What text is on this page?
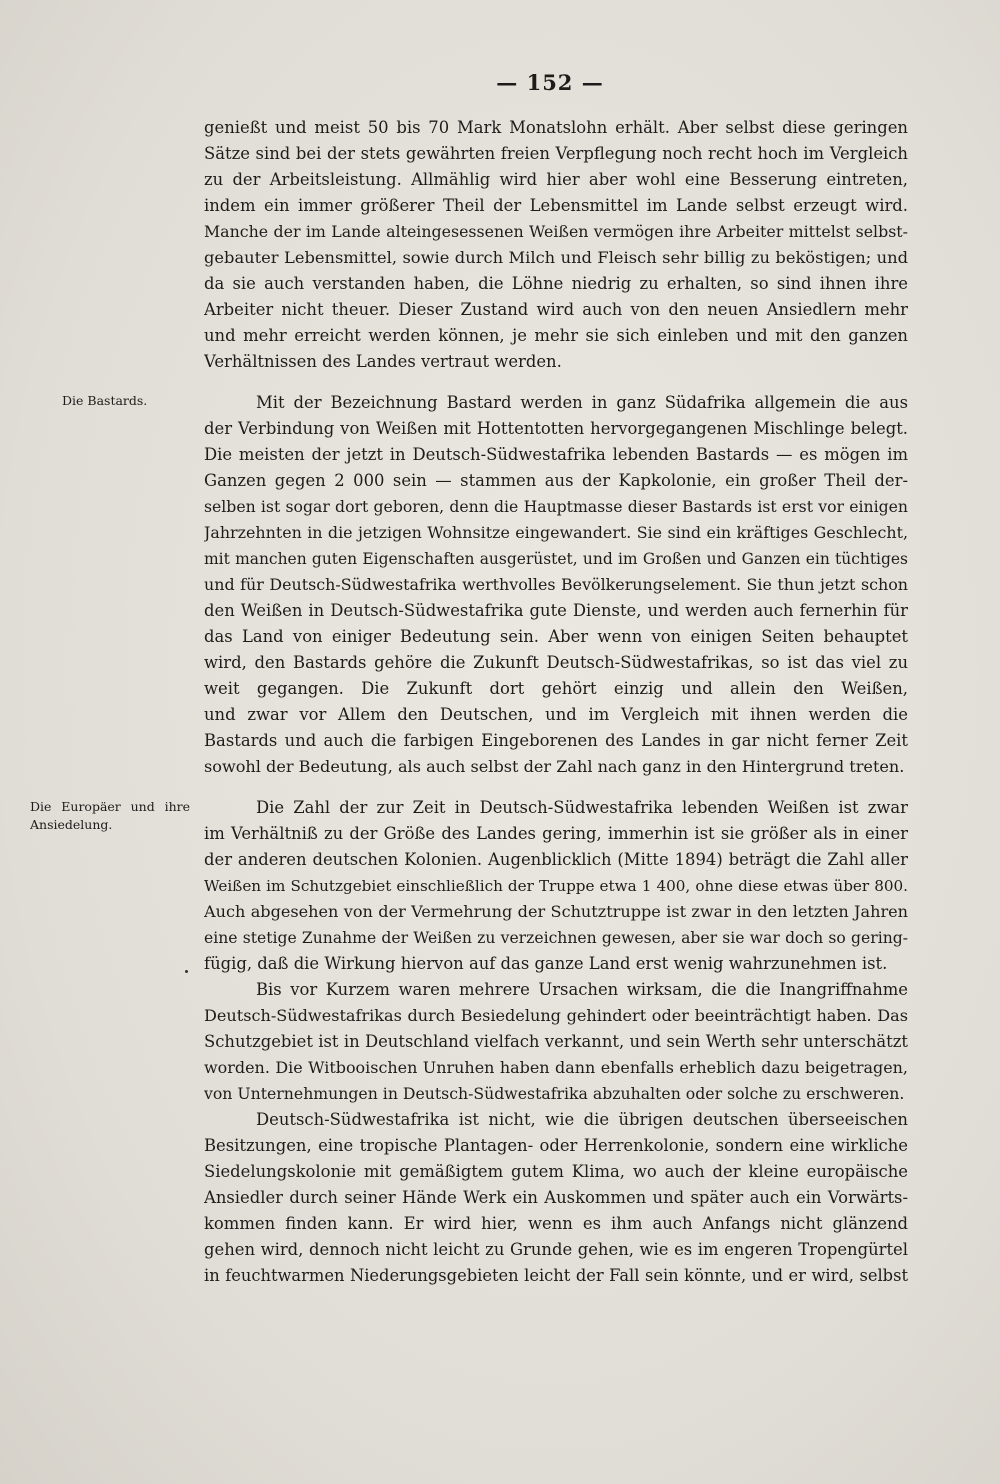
— 152 —
Die Bastards.
Die Europäer und ihre
Ansiedelung.
genießt und meist 50 bis 70 Mark Monatslohn erhält. Aber selbst diese geringen
Sätze sind bei der stets gewährten freien Verpflegung noch recht hoch im Vergleich
zu der Arbeitsleistung. Allmählig wird hier aber wohl eine Besserung eintreten,
indem ein immer größerer Theil der Lebensmittel im Lande selbst erzeugt wird.
Manche der im Lande alteingesessenen Weißen vermögen ihre Arbeiter mittelst selbst-
gebauter Lebensmittel, sowie durch Milch und Fleisch sehr billig zu beköstigen; und
da sie auch verstanden haben, die Löhne niedrig zu erhalten, so sind ihnen ihre
Arbeiter nicht theuer. Dieser Zustand wird auch von den neuen Ansiedlern mehr
und mehr erreicht werden können, je mehr sie sich einleben und mit den ganzen
Verhältnissen des Landes vertraut werden.
Mit der Bezeichnung Bastard werden in ganz Südafrika allgemein die aus
der Verbindung von Weißen mit Hottentotten hervorgegangenen Mischlinge belegt.
Die meisten der jetzt in Deutsch-Südwestafrika lebenden Bastards — es mögen im
Ganzen gegen 2 000 sein — stammen aus der Kapkolonie, ein großer Theil der-
selben ist sogar dort geboren, denn die Hauptmasse dieser Bastards ist erst vor einigen
Jahrzehnten in die jetzigen Wohnsitze eingewandert. Sie sind ein kräftiges Geschlecht,
mit manchen guten Eigenschaften ausgerüstet, und im Großen und Ganzen ein tüchtiges
und für Deutsch-Südwestafrika werthvolles Bevölkerungselement. Sie thun jetzt schon
den Weißen in Deutsch-Südwestafrika gute Dienste, und werden auch fernerhin für
das Land von einiger Bedeutung sein. Aber wenn von einigen Seiten behauptet
wird, den Bastards gehöre die Zukunft Deutsch-Südwestafrikas, so ist das viel zu
weit gegangen. Die Zukunft dort gehört einzig und allein den Weißen,
und zwar vor Allem den Deutschen, und im Vergleich mit ihnen werden die
Bastards und auch die farbigen Eingeborenen des Landes in gar nicht ferner Zeit
sowohl der Bedeutung, als auch selbst der Zahl nach ganz in den Hintergrund treten.
Die Zahl der zur Zeit in Deutsch-Südwestafrika lebenden Weißen ist zwar
im Verhältniß zu der Größe des Landes gering, immerhin ist sie größer als in einer
der anderen deutschen Kolonien. Augenblicklich (Mitte 1894) beträgt die Zahl aller
Weißen im Schutzgebiet einschließlich der Truppe etwa 1 400, ohne diese etwas über 800.
Auch abgesehen von der Vermehrung der Schutztruppe ist zwar in den letzten Jahren
eine stetige Zunahme der Weißen zu verzeichnen gewesen, aber sie war doch so gering-
fügig, daß die Wirkung hiervon auf das ganze Land erst wenig wahrzunehmen ist.
Bis vor Kurzem waren mehrere Ursachen wirksam, die die Inangriffnahme
Deutsch-Südwestafrikas durch Besiedelung gehindert oder beeinträchtigt haben. Das
Schutzgebiet ist in Deutschland vielfach verkannt, und sein Werth sehr unterschätzt
worden. Die Witbooischen Unruhen haben dann ebenfalls erheblich dazu beigetragen,
von Unternehmungen in Deutsch-Südwestafrika abzuhalten oder solche zu erschweren.
Deutsch-Südwestafrika ist nicht, wie die übrigen deutschen überseeischen
Besitzungen, eine tropische Plantagen- oder Herrenkolonie, sondern eine wirkliche
Siedelungskolonie mit gemäßigtem gutem Klima, wo auch der kleine europäische
Ansiedler durch seiner Hände Werk ein Auskommen und später auch ein Vorwärts-
kommen finden kann. Er wird hier, wenn es ihm auch Anfangs nicht glänzend
gehen wird, dennoch nicht leicht zu Grunde gehen, wie es im engeren Tropengürtel
in feuchtwarmen Niederungsgebieten leicht der Fall sein könnte, und er wird, selbst
